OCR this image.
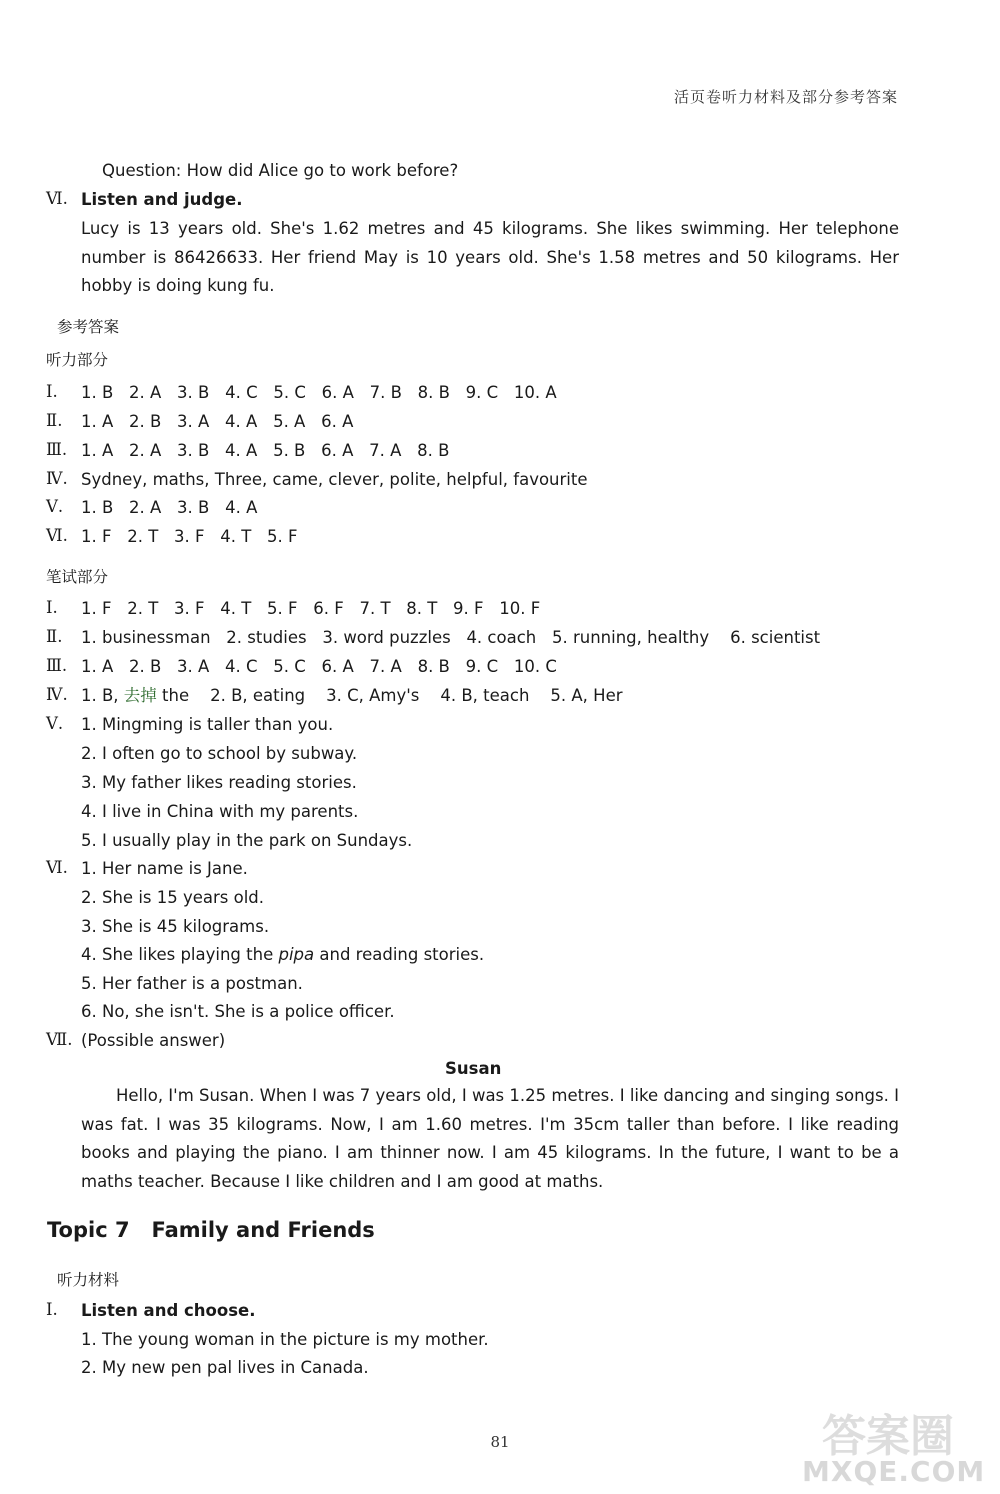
活页卷听力材料及部分参考答案
Question: How did Alice go to work before?
Ⅵ. Listen and judge.
Lucy is 13 years old. She's 1.62 metres and 45 kilograms. She likes swimming. Her telephone number is 86426633. Her friend May is 10 years old. She's 1.58 metres and 50 kilograms. Her hobby is doing kung fu.
参考答案
听力部分
Ⅰ. 1. B   2. A   3. B   4. C   5. C   6. A   7. B   8. B   9. C   10. A
Ⅱ. 1. A   2. B   3. A   4. A   5. A   6. A
Ⅲ. 1. A   2. A   3. B   4. A   5. B   6. A   7. A   8. B
Ⅳ. Sydney, maths, Three, came, clever, polite, helpful, favourite
Ⅴ. 1. B   2. A   3. B   4. A
Ⅵ. 1. F   2. T   3. F   4. T   5. F
笔试部分
Ⅰ. 1. F   2. T   3. F   4. T   5. F   6. F   7. T   8. T   9. F   10. F
Ⅱ. 1. businessman   2. studies   3. word puzzles   4. coach   5. running, healthy    6. scientist
Ⅲ. 1. A   2. B   3. A   4. C   5. C   6. A   7. A   8. B   9. C   10. C
Ⅳ. 1. B, 去掉 the    2. B, eating    3. C, Amy's    4. B, teach    5. A, Her
Ⅴ. 1. Mingming is taller than you.
2. I often go to school by subway.
3. My father likes reading stories.
4. I live in China with my parents.
5. I usually play in the park on Sundays.
Ⅵ. 1. Her name is Jane.
2. She is 15 years old.
3. She is 45 kilograms.
4. She likes playing the pipa and reading stories.
5. Her father is a postman.
6. No, she isn't. She is a police officer.
Ⅶ. (Possible answer)
Susan
Hello, I'm Susan. When I was 7 years old, I was 1.25 metres. I like dancing and singing songs. I was fat. I was 35 kilograms. Now, I am 1.60 metres. I'm 35cm taller than before. I like reading books and playing the piano. I am thinner now. I am 45 kilograms. In the future, I want to be a maths teacher. Because I like children and I am good at maths.
Topic 7   Family and Friends
听力材料
Ⅰ. Listen and choose.
1. The young woman in the picture is my mother.
2. My new pen pal lives in Canada.
81	答案圈
MXQE.COM
